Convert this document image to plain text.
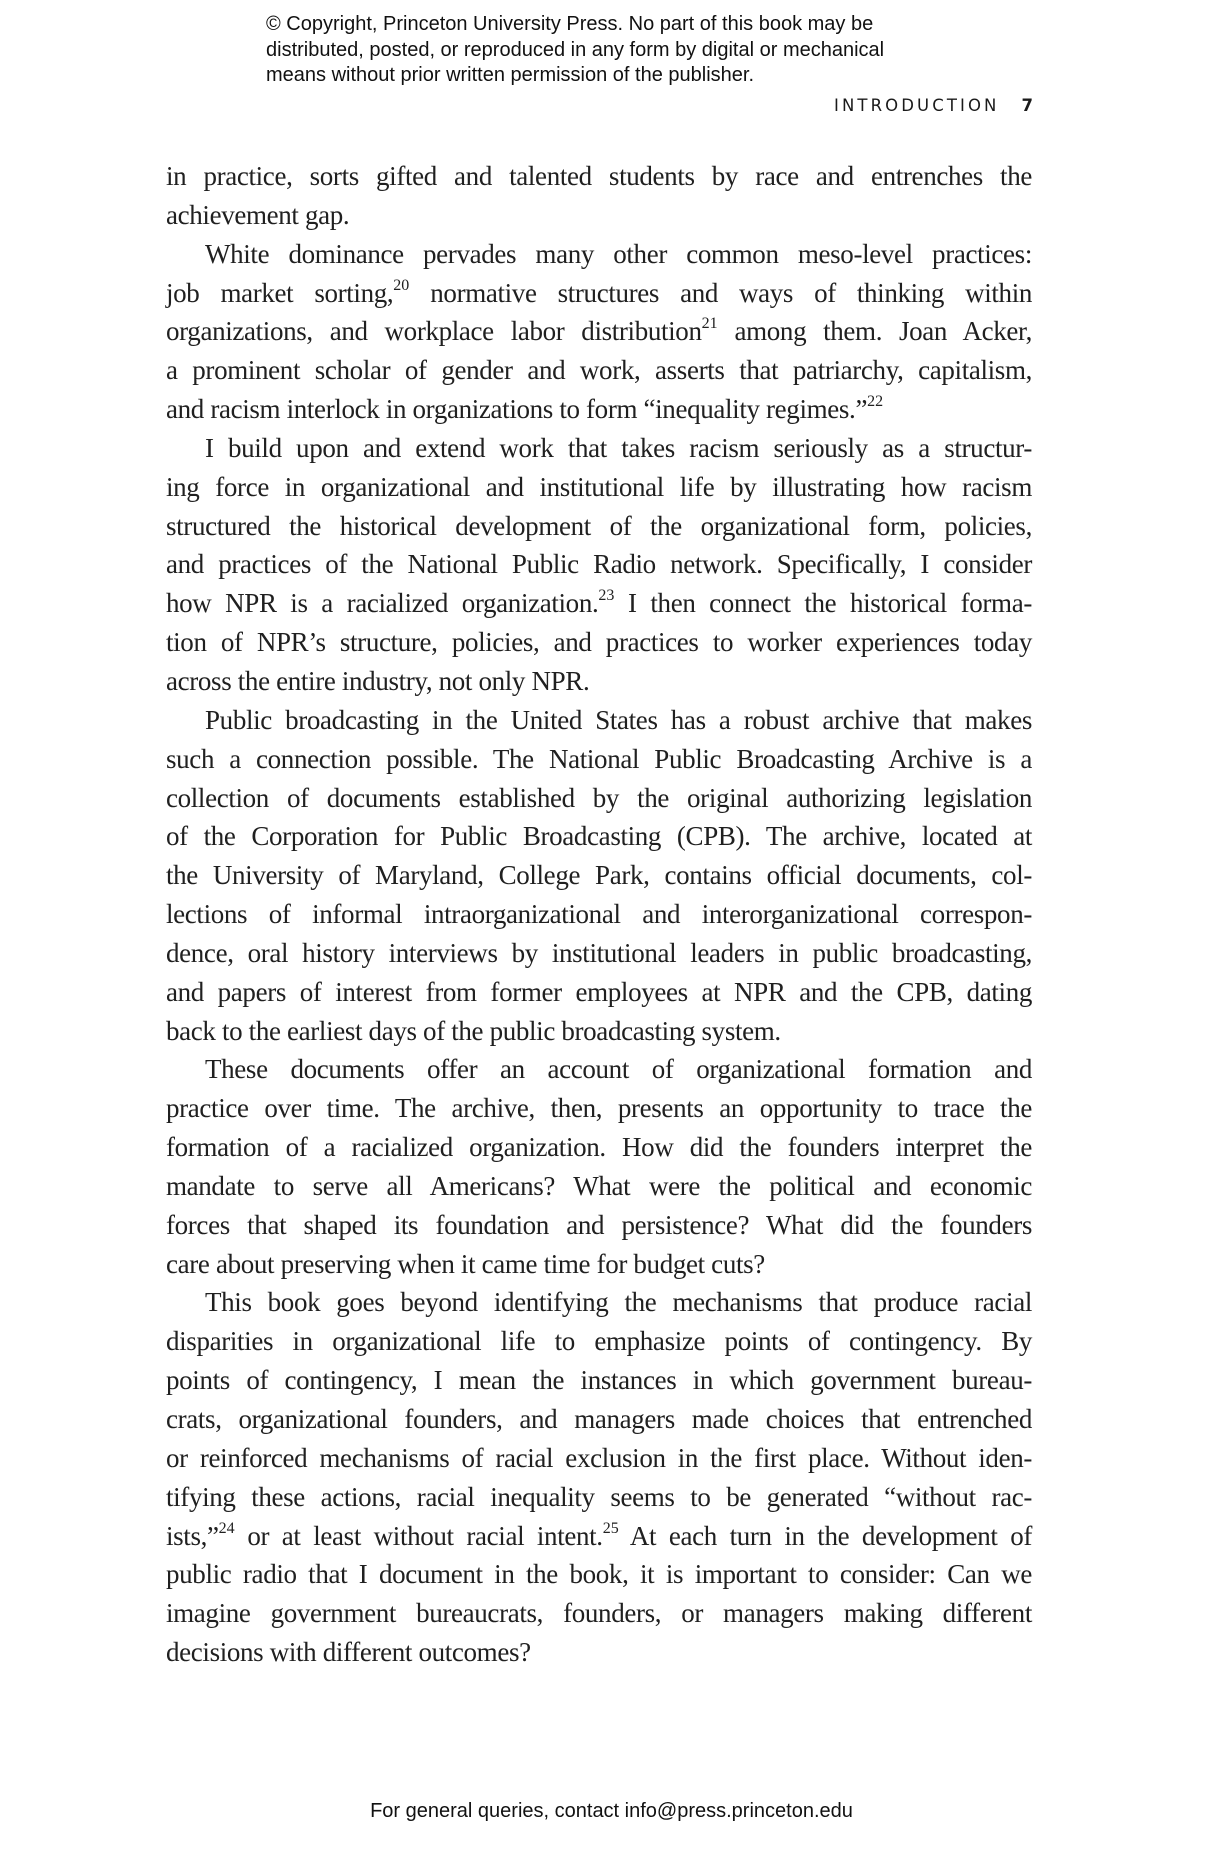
© Copyright, Princeton University Press. No part of this book may be
distributed, posted, or reproduced in any form by digital or mechanical
means without prior written permission of the publisher.
INTRODUCTION 7
in practice, sorts gifted and talented students by race and entrenches the
achievement gap.
White dominance pervades many other common meso-level practices:
job market sorting,$^{20}$ normative structures and ways of thinking within
organizations, and workplace labor distribution$^{21}$ among them. Joan Acker,
a prominent scholar of gender and work, asserts that patriarchy, capitalism,
and racism interlock in organizations to form “inequality regimes.”$^{22}$
I build upon and extend work that takes racism seriously as a structur-
ing force in organizational and institutional life by illustrating how racism
structured the historical development of the organizational form, policies,
and practices of the National Public Radio network. Specifically, I consider
how NPR is a racialized organization.$^{23}$ I then connect the historical forma-
tion of NPR’s structure, policies, and practices to worker experiences today
across the entire industry, not only NPR.
Public broadcasting in the United States has a robust archive that makes
such a connection possible. The National Public Broadcasting Archive is a
collection of documents established by the original authorizing legislation
of the Corporation for Public Broadcasting (CPB). The archive, located at
the University of Maryland, College Park, contains official documents, col-
lections of informal intraorganizational and interorganizational correspon-
dence, oral history interviews by institutional leaders in public broadcasting,
and papers of interest from former employees at NPR and the CPB, dating
back to the earliest days of the public broadcasting system.
These documents offer an account of organizational formation and
practice over time. The archive, then, presents an opportunity to trace the
formation of a racialized organization. How did the founders interpret the
mandate to serve all Americans? What were the political and economic
forces that shaped its foundation and persistence? What did the founders
care about preserving when it came time for budget cuts?
This book goes beyond identifying the mechanisms that produce racial
disparities in organizational life to emphasize points of contingency. By
points of contingency, I mean the instances in which government bureau-
crats, organizational founders, and managers made choices that entrenched
or reinforced mechanisms of racial exclusion in the first place. Without iden-
tifying these actions, racial inequality seems to be generated “without rac-
ists,”$^{24}$ or at least without racial intent.$^{25}$ At each turn in the development of
public radio that I document in the book, it is important to consider: Can we
imagine government bureaucrats, founders, or managers making different
decisions with different outcomes?
For general queries, contact info@press.princeton.edu
